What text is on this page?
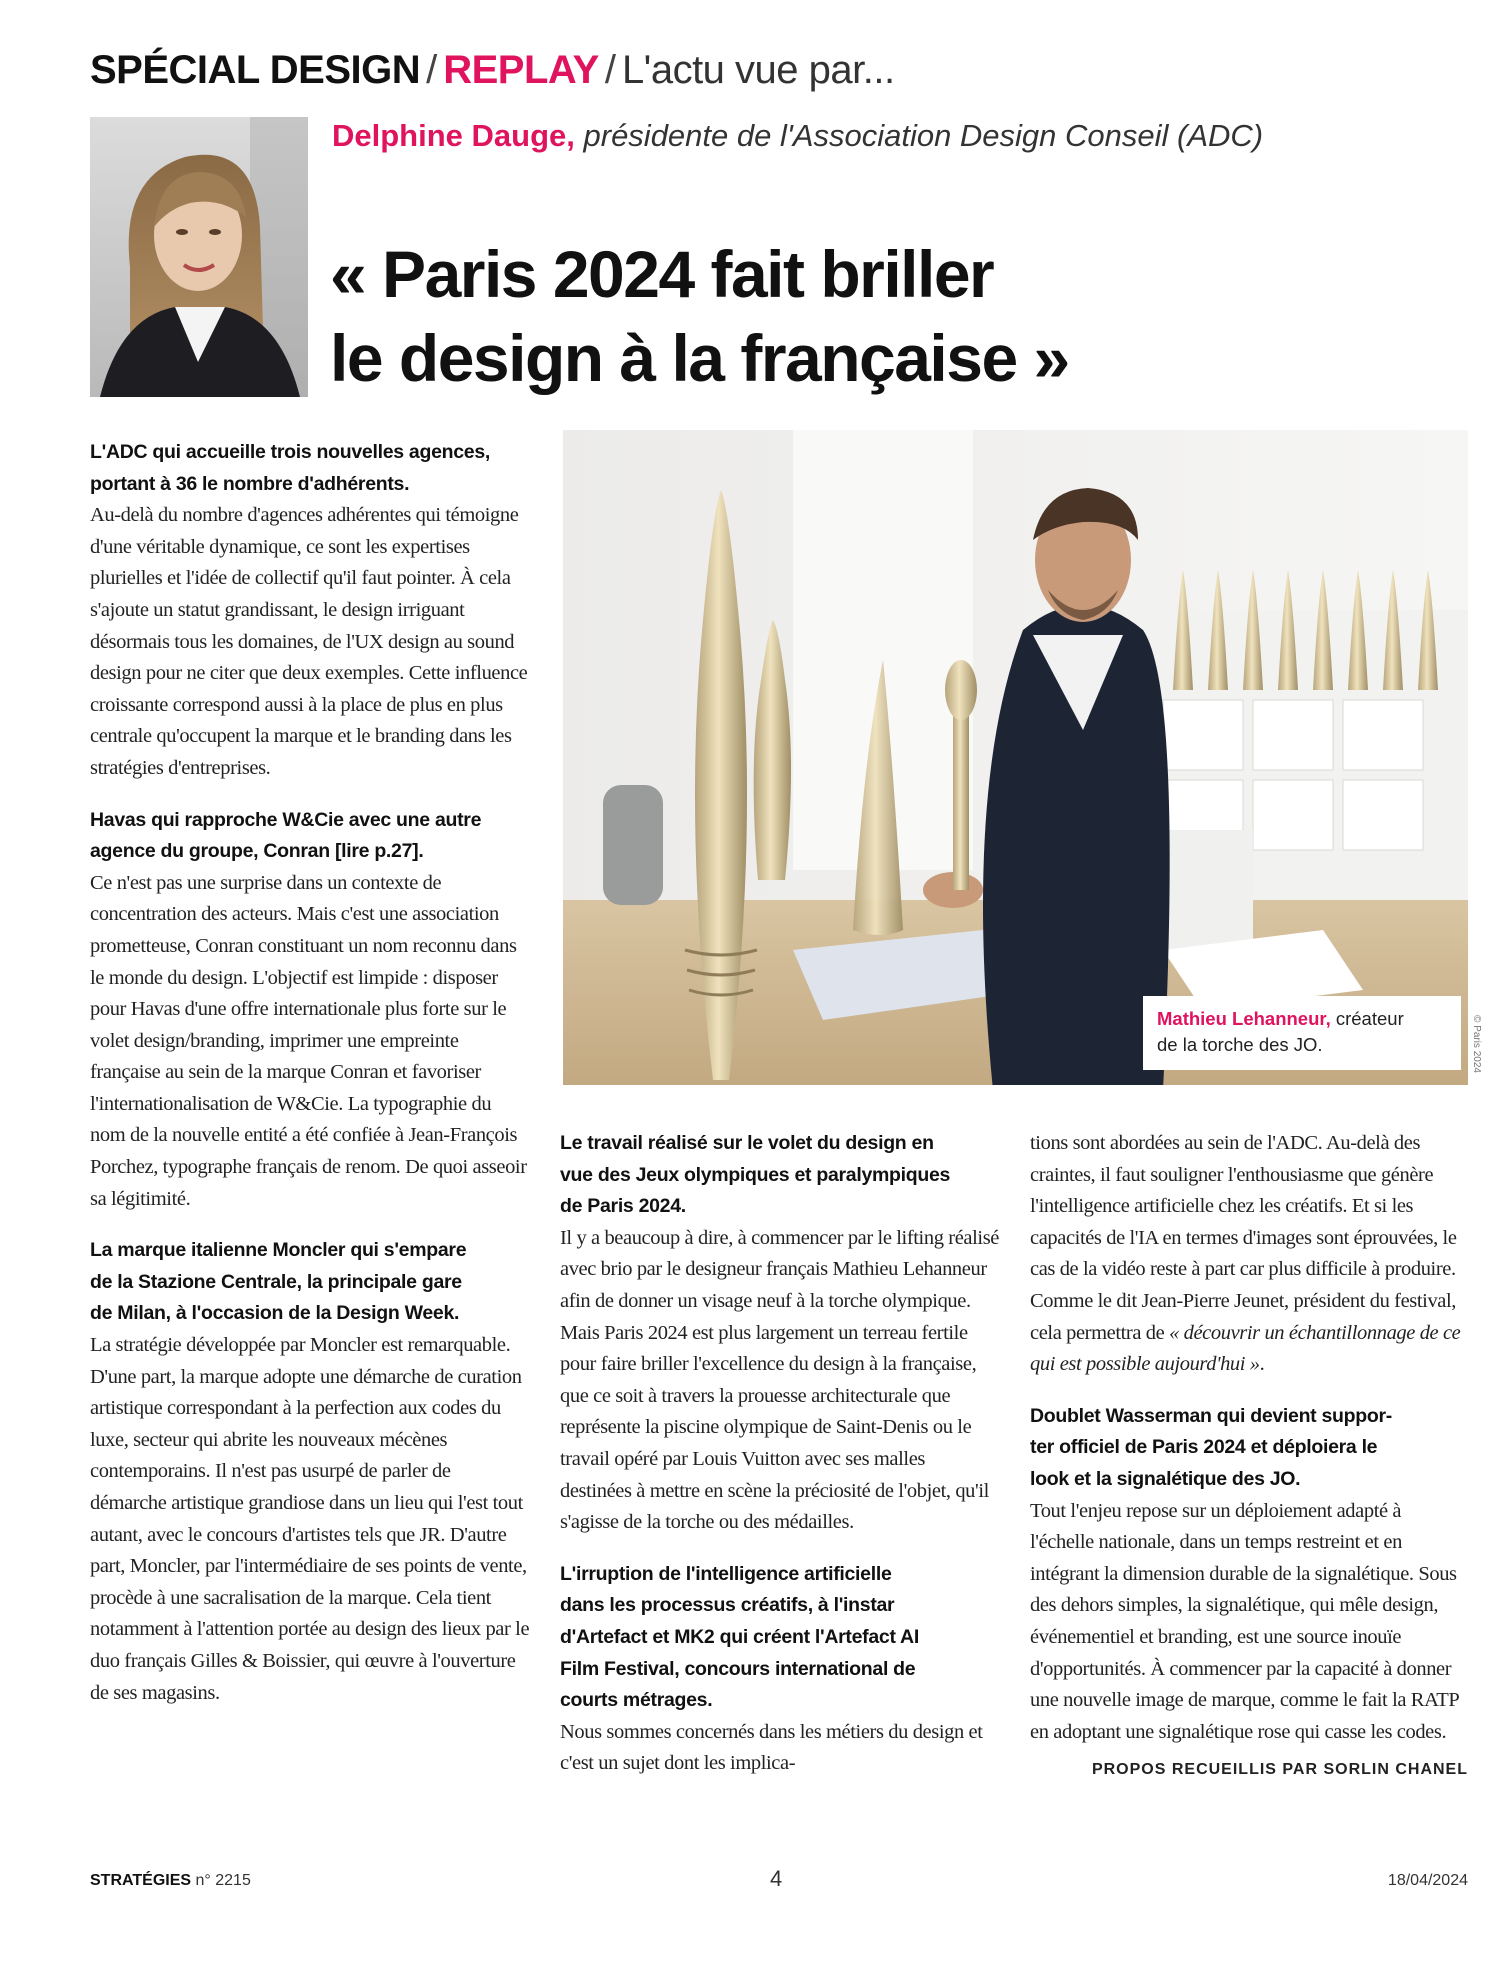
SPÉCIAL DESIGN / REPLAY / L'actu vue par...
Delphine Dauge, présidente de l'Association Design Conseil (ADC)
« Paris 2024 fait briller
le design à la française »

L'ADC qui accueille trois nouvelles agences,
portant à 36 le nombre d'adhérents.

Au-delà du nombre d'agences adhérentes qui témoigne d'une véritable dynamique, ce sont les expertises plurielles et l'idée de collectif qu'il faut pointer. À cela s'ajoute un statut grandissant, le design irriguant désormais tous les domaines, de l'UX design au sound design pour ne citer que deux exemples. Cette influence croissante correspond aussi à la place de plus en plus centrale qu'occupent la marque et le branding dans les stratégies d'entreprises.

Havas qui rapproche W&Cie avec une autre
agence du groupe, Conran [lire p.27].

Ce n'est pas une surprise dans un contexte de concentration des acteurs. Mais c'est une association prometteuse, Conran constituant un nom reconnu dans le monde du design. L'objectif est limpide : disposer pour Havas d'une offre internationale plus forte sur le volet design/branding, imprimer une empreinte française au sein de la marque Conran et favoriser l'internationalisation de W&Cie. La typographie du nom de la nouvelle entité a été confiée à Jean-François Porchez, typographe français de renom. De quoi asseoir sa légitimité.

La marque italienne Moncler qui s'empare
de la Stazione Centrale, la principale gare
de Milan, à l'occasion de la Design Week.

La stratégie développée par Moncler est remarquable. D'une part, la marque adopte une démarche de curation artistique correspondant à la perfection aux codes du luxe, secteur qui abrite les nouveaux mécènes contemporains. Il n'est pas usurpé de parler de démarche artistique grandiose dans un lieu qui l'est tout autant, avec le concours d'artistes tels que JR. D'autre part, Moncler, par l'intermédiaire de ses points de vente, procède à une sacralisation de la marque. Cela tient notamment à l'attention portée au design des lieux par le duo français Gilles & Boissier, qui œuvre à l'ouverture de ses magasins.

Mathieu Lehanneur, créateur
de la torche des JO.	© Paris 2024

Le travail réalisé sur le volet du design en
vue des Jeux olympiques et paralympiques
de Paris 2024.

Il y a beaucoup à dire, à commencer par le lifting réalisé avec brio par le designeur français Mathieu Lehanneur afin de donner un visage neuf à la torche olympique. Mais Paris 2024 est plus largement un terreau fertile pour faire briller l'excellence du design à la française, que ce soit à travers la prouesse architecturale que représente la piscine olympique de Saint-Denis ou le travail opéré par Louis Vuitton avec ses malles destinées à mettre en scène la préciosité de l'objet, qu'il s'agisse de la torche ou des médailles.

L'irruption de l'intelligence artificielle
dans les processus créatifs, à l'instar
d'Artefact et MK2 qui créent l'Artefact AI
Film Festival, concours international de
courts métrages.

Nous sommes concernés dans les métiers du design et c'est un sujet dont les implica-

tions sont abordées au sein de l'ADC. Au-delà des craintes, il faut souligner l'enthousiasme que génère l'intelligence artificielle chez les créatifs. Et si les capacités de l'IA en termes d'images sont éprouvées, le cas de la vidéo reste à part car plus difficile à produire. Comme le dit Jean-Pierre Jeunet, président du festival, cela permettra de « découvrir un échantillonnage de ce qui est possible aujourd'hui ».

Doublet Wasserman qui devient suppor-
ter officiel de Paris 2024 et déploiera le
look et la signalétique des JO.

Tout l'enjeu repose sur un déploiement adapté à l'échelle nationale, dans un temps restreint et en intégrant la dimension durable de la signalétique. Sous des dehors simples, la signalétique, qui mêle design, événementiel et branding, est une source inouïe d'opportunités. À commencer par la capacité à donner une nouvelle image de marque, comme le fait la RATP en adoptant une signalétique rose qui casse les codes.

PROPOS RECUEILLIS PAR SORLIN CHANEL
STRATÉGIES n° 2215	4	18/04/2024
